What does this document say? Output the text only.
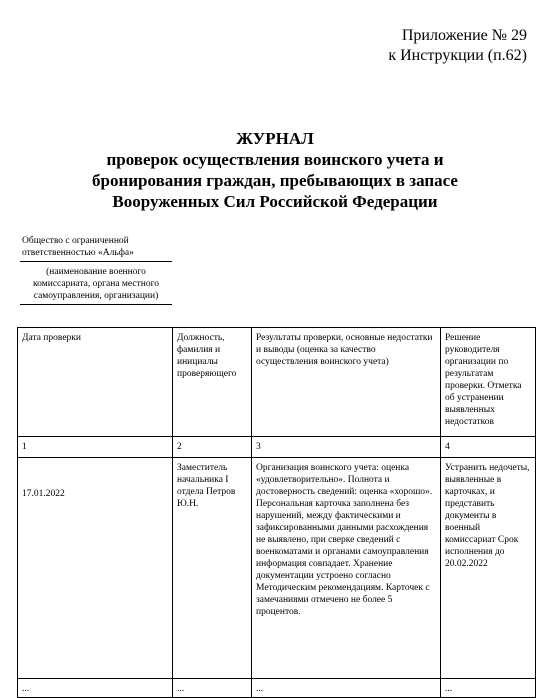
Приложение № 29
к Инструкции (п.62)
ЖУРНАЛ
проверок осуществления воинского учета и
бронирования граждан, пребывающих в запасе
Вооруженных Сил Российской Федерации
Общество с ограниченной ответственностью «Альфа»
(наименование военного комиссариата, органа местного самоуправления, организации)
Дата проверки	Должность, фамилия и инициалы проверяющего	Результаты проверки, основные недостатки и выводы (оценка за качество осуществления воинского учета)	Решение руководителя организации по результатам проверки. Отметка об устранении выявленных недостатков
1	2	3	4
17.01.2022	Заместитель начальника I отдела Петров Ю.Н.	Организация воинского учета: оценка «удовлетворительно». Полнота и достоверность сведений: оценка «хорошо». Персональная карточка заполнена без нарушений, между фактическими и зафиксированными данными расхождения не выявлено, при сверке сведений с военкоматами и органами самоуправления информация совпадает. Хранение документации устроено согласно Методическим рекомендациям. Карточек с замечаниями отмечено не более 5 процентов.	Устранить недочеты, выявленные в карточках, и представить документы в военный комиссариат Срок исполнения до 20.02.2022
...	...	...	...
